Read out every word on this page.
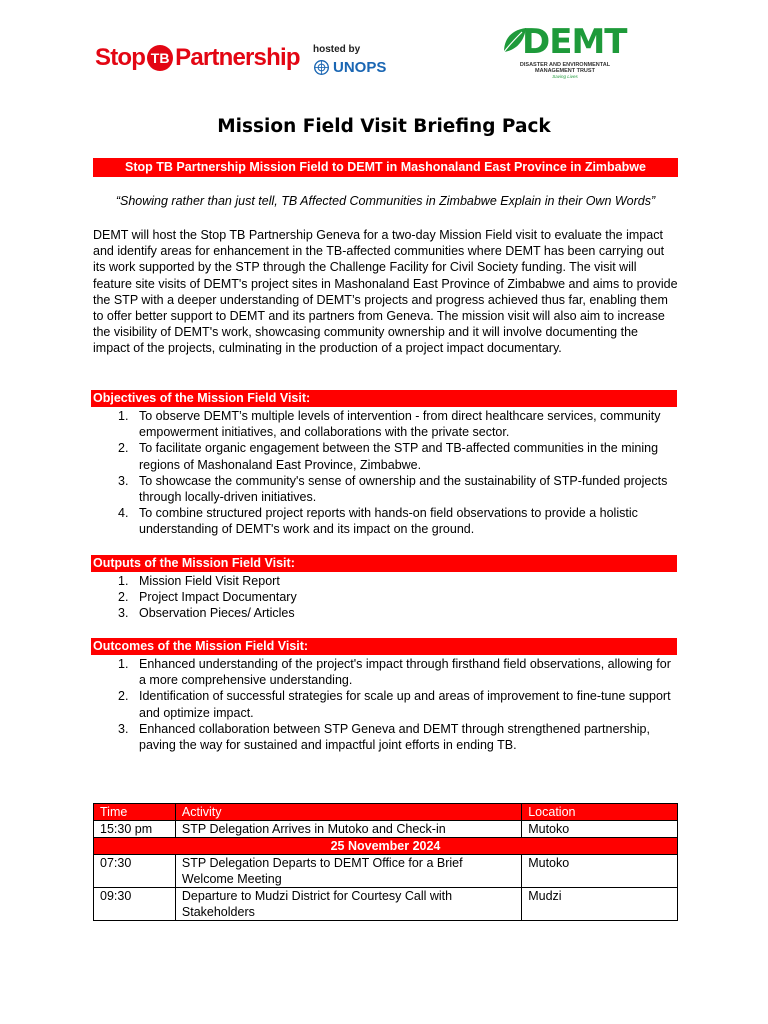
Stop TB Partnership hosted by
UNOPS
DEMT
DISASTER AND ENVIRONMENTAL MANAGEMENT TRUST
Saving Lives
Mission Field Visit Briefing Pack
Stop TB Partnership Mission Field to DEMT in Mashonaland East Province in Zimbabwe
“Showing rather than just tell, TB Affected Communities in Zimbabwe Explain in their Own Words”

DEMT will host the Stop TB Partnership Geneva for a two-day Mission Field visit to evaluate the impact and identify areas for enhancement in the TB-affected communities where DEMT has been carrying out its work supported by the STP through the Challenge Facility for Civil Society funding. The visit will feature site visits of DEMT's project sites in Mashonaland East Province of Zimbabwe and aims to provide the STP with a deeper understanding of DEMT’s projects and progress achieved thus far, enabling them to offer better support to DEMT and its partners from Geneva. The mission visit will also aim to increase the visibility of DEMT's work, showcasing community ownership and it will involve documenting the impact of the projects, culminating in the production of a project impact documentary.

Objectives of the Mission Field Visit:
1. To observe DEMT’s multiple levels of intervention - from direct healthcare services, community empowerment initiatives, and collaborations with the private sector.
2. To facilitate organic engagement between the STP and TB-affected communities in the mining regions of Mashonaland East Province, Zimbabwe.
3. To showcase the community's sense of ownership and the sustainability of STP-funded projects through locally-driven initiatives.
4. To combine structured project reports with hands-on field observations to provide a holistic understanding of DEMT's work and its impact on the ground.
Outputs of the Mission Field Visit:
1. Mission Field Visit Report
2. Project Impact Documentary
3. Observation Pieces/ Articles
Outcomes of the Mission Field Visit:
1. Enhanced understanding of the project's impact through firsthand field observations, allowing for a more comprehensive understanding.
2. Identification of successful strategies for scale up and areas of improvement to fine-tune support and optimize impact.
3. Enhanced collaboration between STP Geneva and DEMT through strengthened partnership, paving the way for sustained and impactful joint efforts in ending TB.
Time	Activity	Location
15:30 pm	STP Delegation Arrives in Mutoko and Check-in	Mutoko
25 November 2024		
07:30	STP Delegation Departs to DEMT Office for a Brief Welcome Meeting	Mutoko
09:30	Departure to Mudzi District for Courtesy Call with Stakeholders	Mudzi
